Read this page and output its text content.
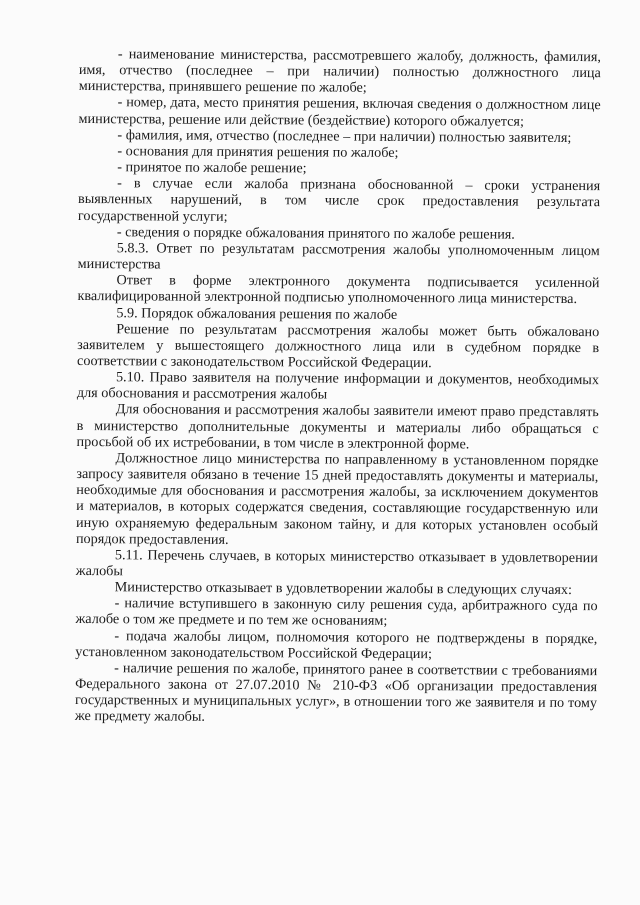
- наименование министерства, рассмотревшего жалобу, должность, фамилия, имя, отчество (последнее – при наличии) полностью должностного лица министерства, принявшего решение по жалобе;

- номер, дата, место принятия решения, включая сведения о должностном лице министерства, решение или действие (бездействие) которого обжалуется;

- фамилия, имя, отчество (последнее – при наличии) полностью заявителя;

- основания для принятия решения по жалобе;

- принятое по жалобе решение;

- в случае если жалоба признана обоснованной – сроки устранения выявленных нарушений, в том числе срок предоставления результата государственной услуги;

- сведения о порядке обжалования принятого по жалобе решения.

5.8.3. Ответ по результатам рассмотрения жалобы уполномоченным лицом министерства

Ответ в форме электронного документа подписывается усиленной квалифицированной электронной подписью уполномоченного лица министерства.

5.9. Порядок обжалования решения по жалобе

Решение по результатам рассмотрения жалобы может быть обжаловано заявителем у вышестоящего должностного лица или в судебном порядке в соответствии с законодательством Российской Федерации.

5.10. Право заявителя на получение информации и документов, необходимых для обоснования и рассмотрения жалобы

Для обоснования и рассмотрения жалобы заявители имеют право представлять в министерство дополнительные документы и материалы либо обращаться с просьбой об их истребовании, в том числе в электронной форме.

Должностное лицо министерства по направленному в установленном порядке запросу заявителя обязано в течение 15 дней предоставлять документы и материалы, необходимые для обоснования и рассмотрения жалобы, за исключением документов и материалов, в которых содержатся сведения, составляющие государственную или иную охраняемую федеральным законом тайну, и для которых установлен особый порядок предоставления.

5.11. Перечень случаев, в которых министерство отказывает в удовлетворении жалобы

Министерство отказывает в удовлетворении жалобы в следующих случаях:

- наличие вступившего в законную силу решения суда, арбитражного суда по жалобе о том же предмете и по тем же основаниям;

- подача жалобы лицом, полномочия которого не подтверждены в порядке, установленном законодательством Российской Федерации;

- наличие решения по жалобе, принятого ранее в соответствии с требованиями Федерального закона от 27.07.2010 № 210-ФЗ «Об организации предоставления государственных и муниципальных услуг», в отношении того же заявителя и по тому же предмету жалобы.
